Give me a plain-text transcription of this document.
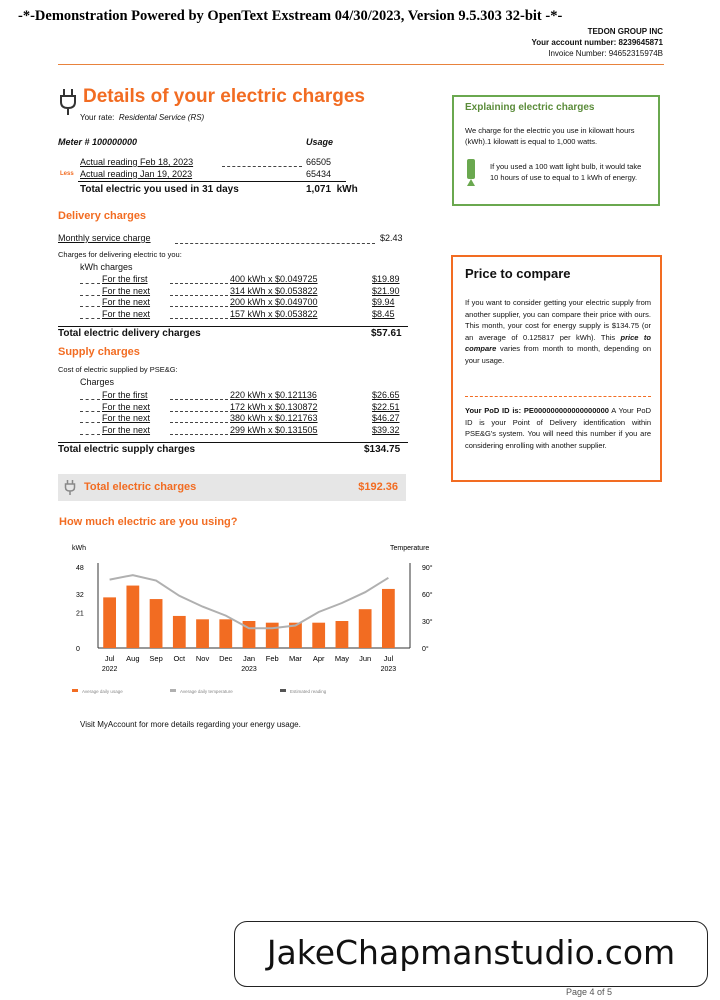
-*-Demonstration Powered by OpenText Exstream 04/30/2023, Version 9.5.303 32-bit -*-
TEDON GROUP INC
Your account number: 8239645871
Invoice Number: 94652315974B
Details of your electric charges
Your rate: Residental Service (RS)
Meter # 100000000	Usage
Actual reading Feb 18, 2023	66505
Less Actual reading Jan 19, 2023	65434
Total electric you used in 31 days	1,071 kWh
Delivery charges
Monthly service charge	$2.43
Charges for delivering electric to you:
kWh charges
For the first	400 kWh x $0.049725	$19.89
For the next	314 kWh x $0.053822	$21.90
For the next	200 kWh x $0.049700	$9.94
For the next	157 kWh x $0.053822	$8.45
Total electric delivery charges	$57.61
Supply charges
Cost of electric supplied by PSE&G:
Charges
For the first	220 kWh x $0.121136	$26.65
For the next	172 kWh x $0.130872	$22.51
For the next	380 kWh x $0.121763	$46.27
For the next	299 kWh x $0.131505	$39.32
Total electric supply charges	$134.75
Total electric charges	$192.36
Explaining electric charges
We charge for the electric you use in kilowatt hours (kWh).1 kilowatt is equal to 1,000 watts.
If you used a 100 watt light bulb, it would take 10 hours of use to equal to 1 kWh of energy.
Price to compare
If you want to consider getting your electric supply from another supplier, you can compare their price with ours. This month, your cost for energy supply is $134.75 (or an average of 0.125817 per kWh). This price to compare varies from month to month, depending on your usage.
Your PoD ID is: PE000000000000000000 A Your PoD ID is your Point of Delivery identification within PSE&G's system. You will need this number if you are considering enrolling with another supplier.
How much electric are you using?
kWh	Temperature
48
32
21
0
90°
60°
30°
0°
Jul
2022
Aug Sep Oct Nov Dec Jan
2023
Feb Mar Apr May Jun Jul
2023
Average daily usage	Average daily temperature	Estimated reading
Visit MyAccount for more details regarding your energy usage.
Page 4 of 5
JakeChapmanstudio.com
